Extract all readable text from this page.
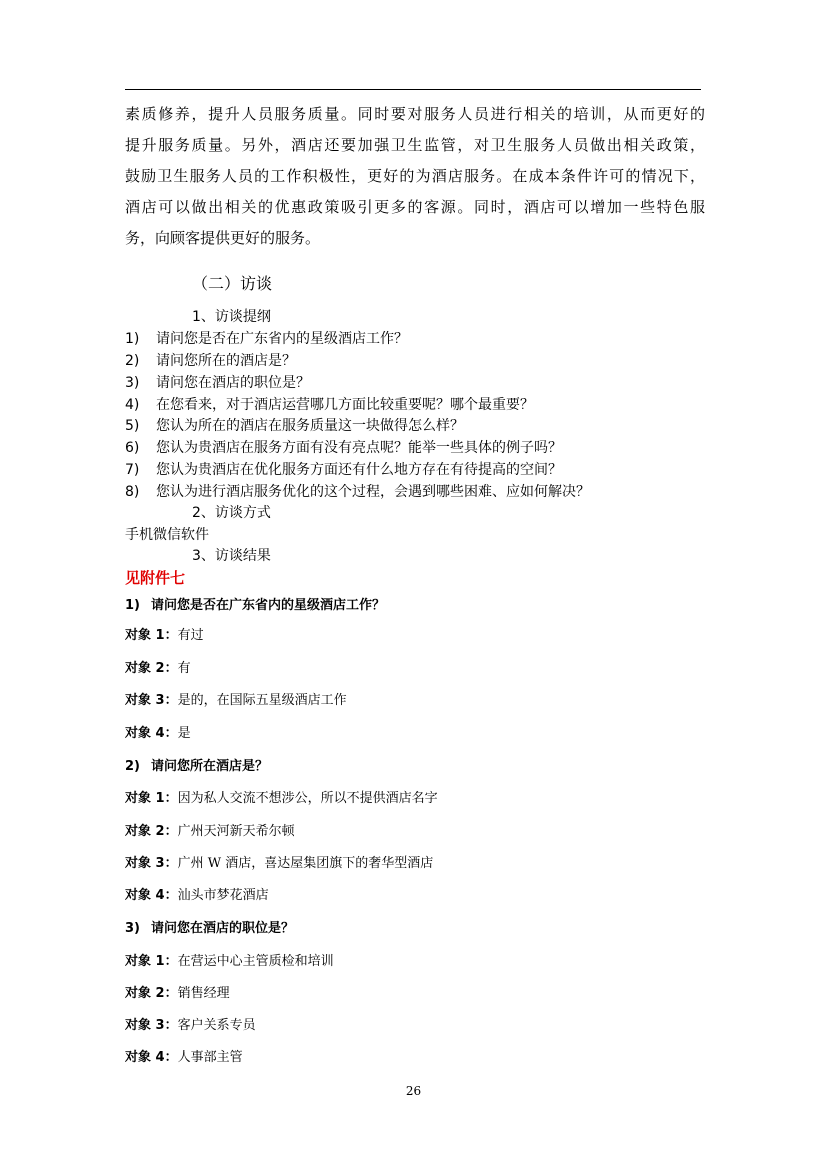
素质修养，提升人员服务质量。同时要对服务人员进行相关的培训，从而更好的
提升服务质量。另外，酒店还要加强卫生监管，对卫生服务人员做出相关政策，
鼓励卫生服务人员的工作积极性，更好的为酒店服务。在成本条件许可的情况下，
酒店可以做出相关的优惠政策吸引更多的客源。同时，酒店可以增加一些特色服
务，向顾客提供更好的服务。
（二）访谈
1、访谈提纲
1) 请问您是否在广东省内的星级酒店工作？
2) 请问您所在的酒店是？
3) 请问您在酒店的职位是？
4) 在您看来，对于酒店运营哪几方面比较重要呢？哪个最重要？
5) 您认为所在的酒店在服务质量这一块做得怎么样？
6) 您认为贵酒店在服务方面有没有亮点呢？能举一些具体的例子吗？
7) 您认为贵酒店在优化服务方面还有什么地方存在有待提高的空间？
8) 您认为进行酒店服务优化的这个过程，会遇到哪些困难、应如何解决？
2、访谈方式
手机微信软件
3、访谈结果
见附件七
1) 请问您是否在广东省内的星级酒店工作？
对象 1：有过
对象 2：有
对象 3：是的，在国际五星级酒店工作
对象 4：是
2) 请问您所在酒店是？
对象 1：因为私人交流不想涉公，所以不提供酒店名字
对象 2：广州天河新天希尔顿
对象 3：广州 W 酒店，喜达屋集团旗下的奢华型酒店
对象 4：汕头市梦花酒店
3) 请问您在酒店的职位是？
对象 1：在营运中心主管质检和培训
对象 2：销售经理
对象 3：客户关系专员
对象 4：人事部主管
26
